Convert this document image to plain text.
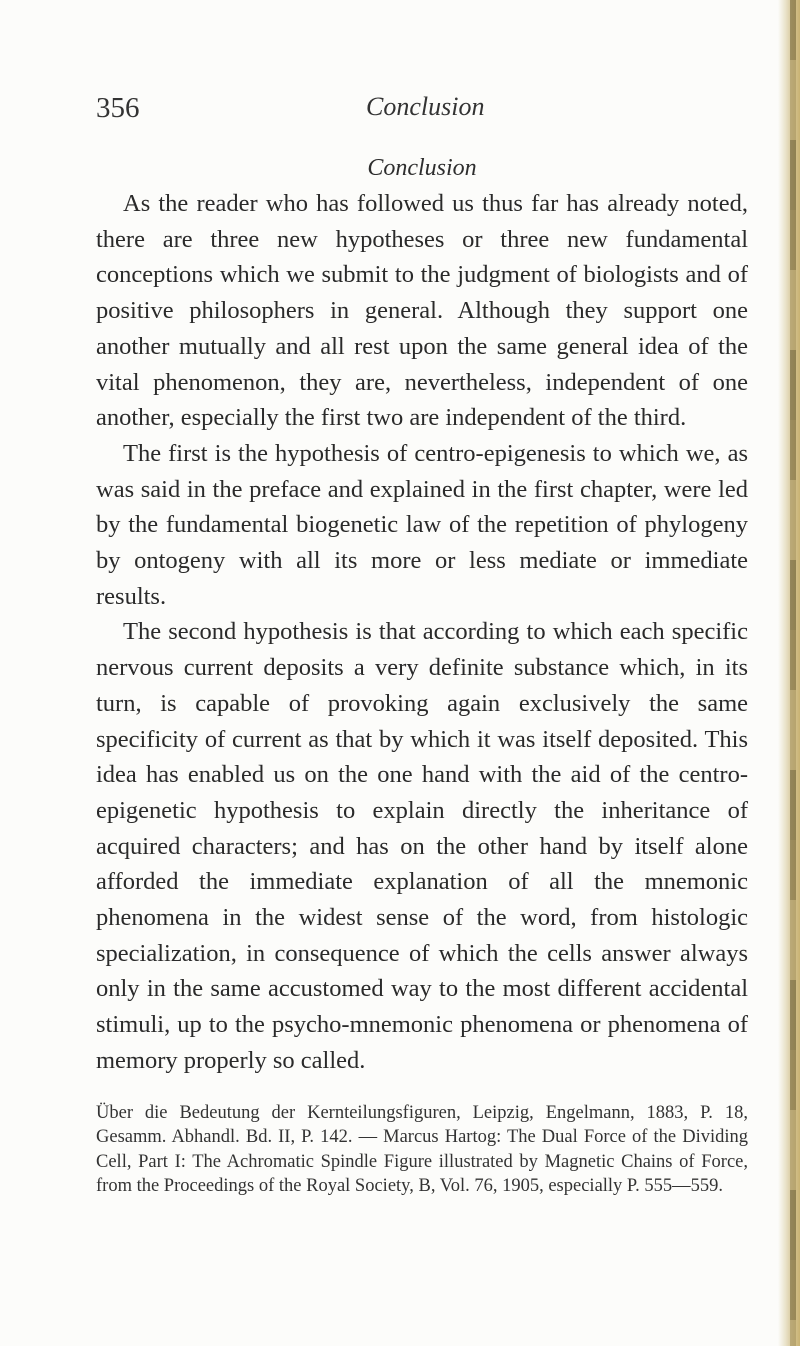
356	Conclusion
Conclusion

As the reader who has followed us thus far has already noted, there are three new hypotheses or three new fundamental conceptions which we submit to the judgment of biologists and of positive philosophers in general. Although they support one another mutually and all rest upon the same general idea of the vital phenomenon, they are, nevertheless, independent of one another, especially the first two are independent of the third.

The first is the hypothesis of centro-epigenesis to which we, as was said in the preface and explained in the first chapter, were led by the fundamental biogenetic law of the repetition of phylogeny by ontogeny with all its more or less mediate or immediate results.

The second hypothesis is that according to which each specific nervous current deposits a very definite substance which, in its turn, is capable of provoking again exclusively the same specificity of current as that by which it was itself deposited. This idea has enabled us on the one hand with the aid of the centro-epigenetic hypothesis to explain directly the inheritance of acquired characters; and has on the other hand by itself alone afforded the immediate explanation of all the mnemonic phenomena in the widest sense of the word, from histologic specialization, in consequence of which the cells answer always only in the same accustomed way to the most different accidental stimuli, up to the psycho-mnemonic phenomena or phenomena of memory properly so called.

Über die Bedeutung der Kernteilungsfiguren, Leipzig, Engelmann, 1883, P. 18, Gesamm. Abhandl. Bd. II, P. 142. — Marcus Hartog: The Dual Force of the Dividing Cell, Part I: The Achromatic Spindle Figure illustrated by Magnetic Chains of Force, from the Proceedings of the Royal Society, B, Vol. 76, 1905, especially P. 555—559.
